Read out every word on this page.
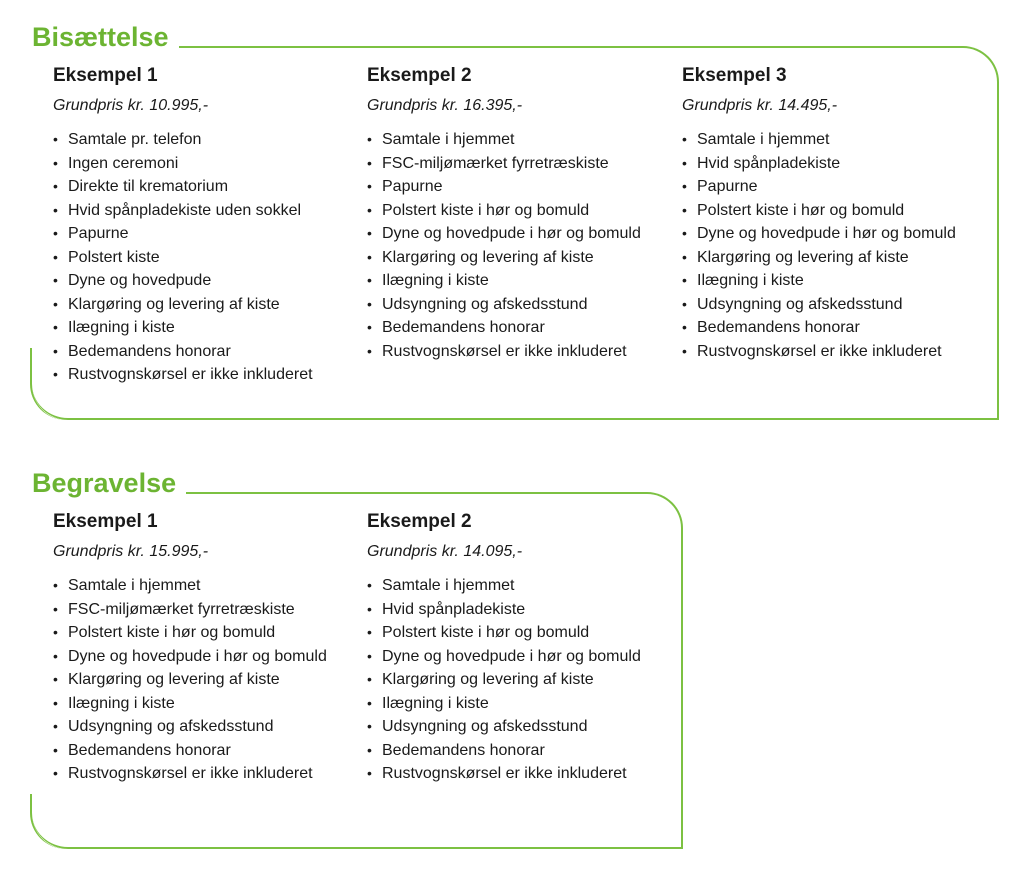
Bisættelse
Eksempel 1

Grundpris kr. 10.995,-

• Samtale pr. telefon
• Ingen ceremoni
• Direkte til krematorium
• Hvid spånpladekiste uden sokkel
• Papurne
• Polstert kiste
• Dyne og hovedpude
• Klargøring og levering af kiste
• Ilægning i kiste
• Bedemandens honorar
• Rustvognskørsel er ikke inkluderet
Eksempel 2

Grundpris kr. 16.395,-

• Samtale i hjemmet
• FSC-miljømærket fyrretræskiste
• Papurne
• Polstert kiste i hør og bomuld
• Dyne og hovedpude i hør og bomuld
• Klargøring og levering af kiste
• Ilægning i kiste
• Udsyngning og afskedsstund
• Bedemandens honorar
• Rustvognskørsel er ikke inkluderet
Eksempel 3

Grundpris kr. 14.495,-

• Samtale i hjemmet
• Hvid spånpladekiste
• Papurne
• Polstert kiste i hør og bomuld
• Dyne og hovedpude i hør og bomuld
• Klargøring og levering af kiste
• Ilægning i kiste
• Udsyngning og afskedsstund
• Bedemandens honorar
• Rustvognskørsel er ikke inkluderet
Begravelse
Eksempel 1

Grundpris kr. 15.995,-

• Samtale i hjemmet
• FSC-miljømærket fyrretræskiste
• Polstert kiste i hør og bomuld
• Dyne og hovedpude i hør og bomuld
• Klargøring og levering af kiste
• Ilægning i kiste
• Udsyngning og afskedsstund
• Bedemandens honorar
• Rustvognskørsel er ikke inkluderet
Eksempel 2

Grundpris kr. 14.095,-

• Samtale i hjemmet
• Hvid spånpladekiste
• Polstert kiste i hør og bomuld
• Dyne og hovedpude i hør og bomuld
• Klargøring og levering af kiste
• Ilægning i kiste
• Udsyngning og afskedsstund
• Bedemandens honorar
• Rustvognskørsel er ikke inkluderet
